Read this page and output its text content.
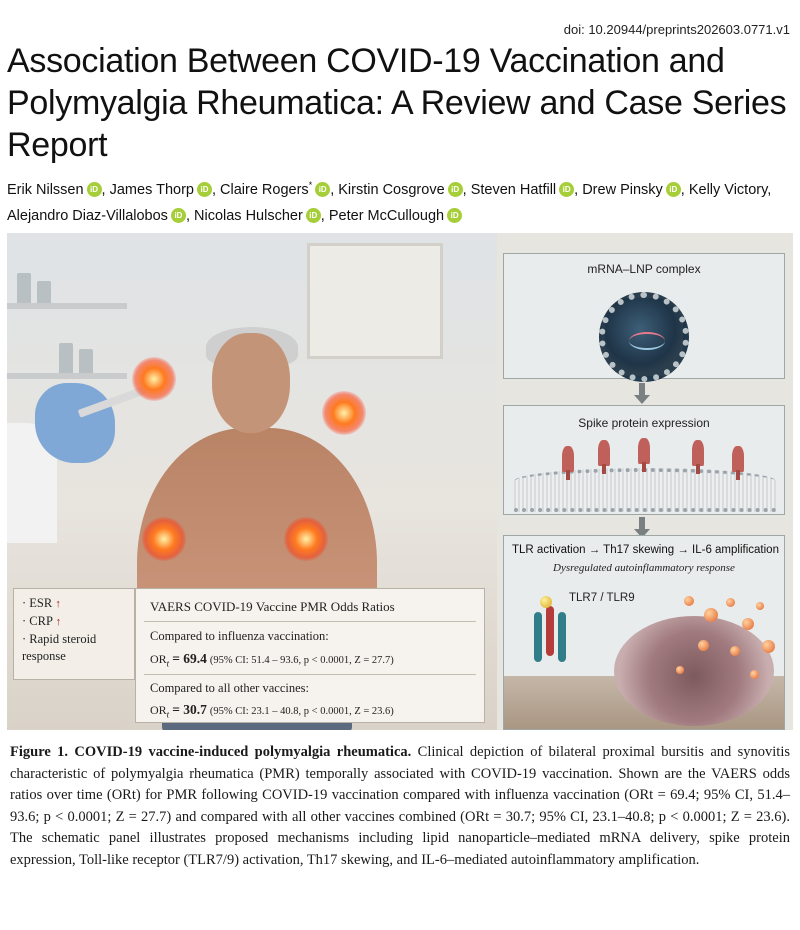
doi: 10.20944/preprints202603.0771.v1
Association Between COVID-19 Vaccination and Polymyalgia Rheumatica: A Review and Case Series Report
Erik Nilssen iD , James Thorp iD , Claire Rogers* iD , Kirstin Cosgrove iD , Steven Hatfill iD , Drew Pinsky iD , Kelly Victory, Alejandro Diaz-Villalobos iD , Nicolas Hulscher iD , Peter McCullough iD
· ESR ↑
· CRP ↑
· Rapid steroid response
VAERS COVID-19 Vaccine PMR Odds Ratios
Compared to influenza vaccination:
$OR_t = 69.4$ (95% CI: 51.4 – 93.6, p < 0.0001, Z = 27.7)
Compared to all other vaccines:
$OR_t = 30.7$ (95% CI: 23.1 – 40.8, p < 0.0001, Z = 23.6)
mRNA–LNP complex
Spike protein expression
TLR activation → Th17 skewing → IL-6 amplification
Dysregulated autoinflammatory response
TLR7 / TLR9
Figure 1. COVID-19 vaccine-induced polymyalgia rheumatica. Clinical depiction of bilateral proximal bursitis and synovitis characteristic of polymyalgia rheumatica (PMR) temporally associated with COVID-19 vaccination. Shown are the VAERS odds ratios over time (ORt) for PMR following COVID-19 vaccination compared with influenza vaccination (ORt = 69.4; 95% CI, 51.4–93.6; p < 0.0001; Z = 27.7) and compared with all other vaccines combined (ORt = 30.7; 95% CI, 23.1–40.8; p < 0.0001; Z = 23.6). The schematic panel illustrates proposed mechanisms including lipid nanoparticle–mediated mRNA delivery, spike protein expression, Toll-like receptor (TLR7/9) activation, Th17 skewing, and IL-6–mediated autoinflammatory amplification.
